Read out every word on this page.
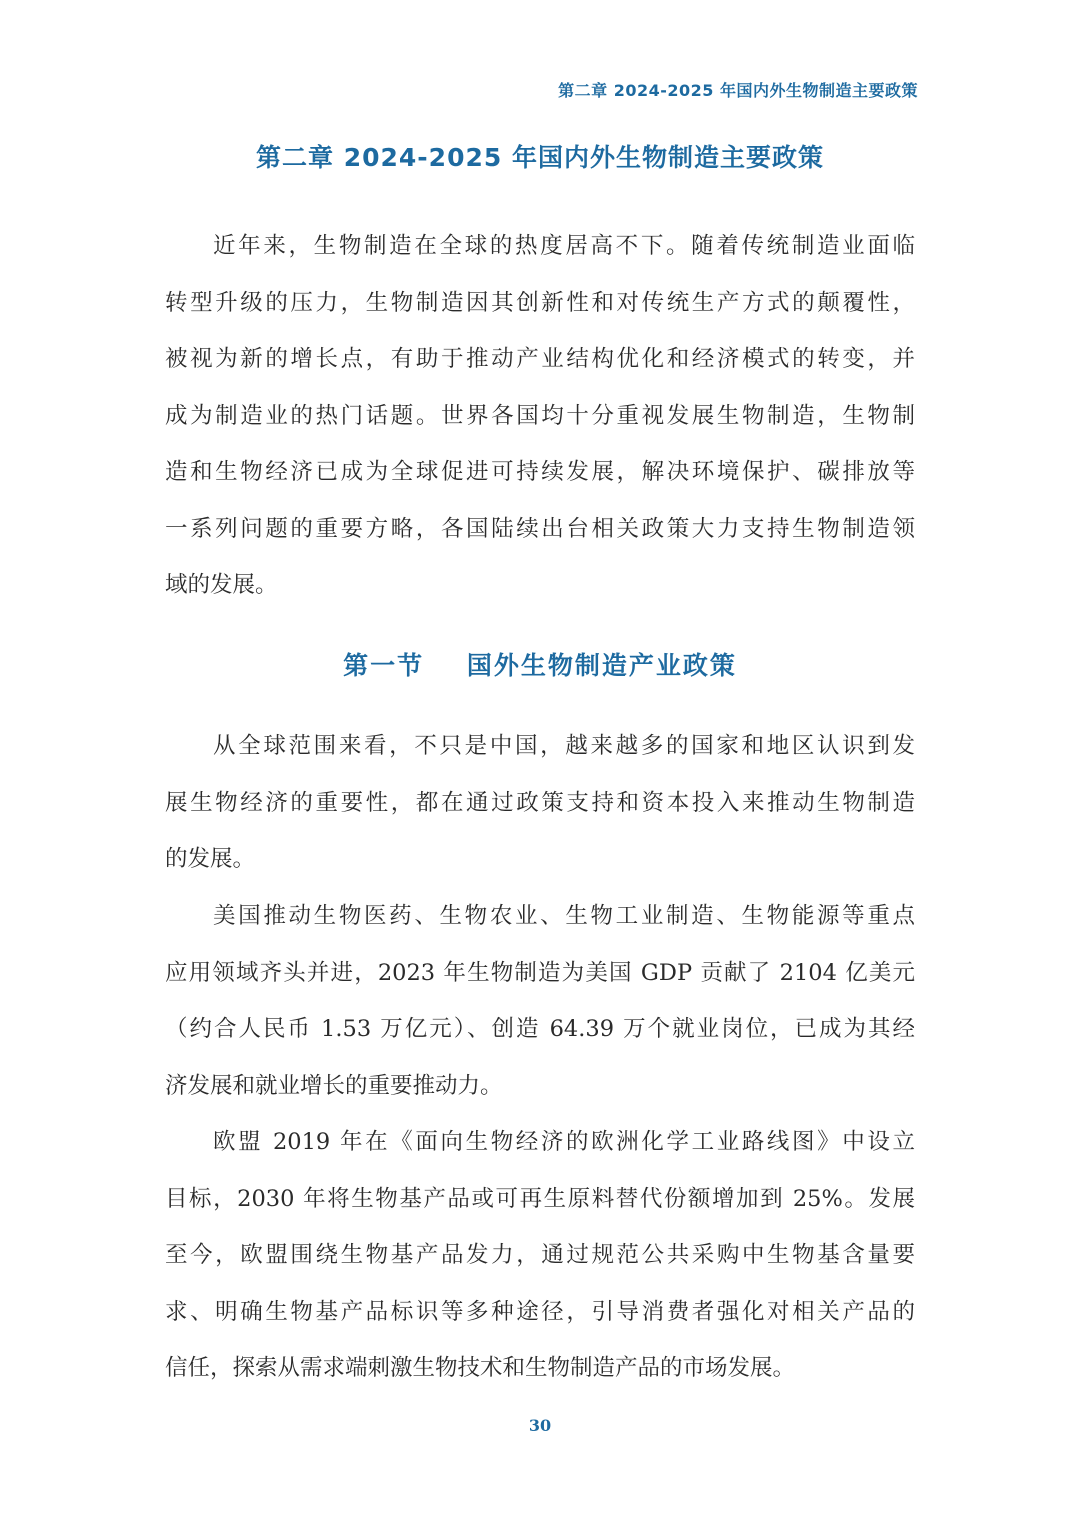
第二章 2024-2025 年国内外生物制造主要政策
第二章 2024-2025 年国内外生物制造主要政策
近年来，生物制造在全球的热度居高不下。随着传统制造业面临
转型升级的压力，生物制造因其创新性和对传统生产方式的颠覆性，
被视为新的增长点，有助于推动产业结构优化和经济模式的转变，并
成为制造业的热门话题。世界各国均十分重视发展生物制造，生物制
造和生物经济已成为全球促进可持续发展，解决环境保护、碳排放等
一系列问题的重要方略，各国陆续出台相关政策大力支持生物制造领
域的发展。
第一节    国外生物制造产业政策
从全球范围来看，不只是中国，越来越多的国家和地区认识到发
展生物经济的重要性，都在通过政策支持和资本投入来推动生物制造
的发展。
美国推动生物医药、生物农业、生物工业制造、生物能源等重点
应用领域齐头并进，2023 年生物制造为美国 GDP 贡献了 2104 亿美元
（约合人民币 1.53 万亿元）、创造 64.39 万个就业岗位，已成为其经
济发展和就业增长的重要推动力。
欧盟 2019 年在《面向生物经济的欧洲化学工业路线图》中设立
目标，2030 年将生物基产品或可再生原料替代份额增加到 25%。发展
至今，欧盟围绕生物基产品发力，通过规范公共采购中生物基含量要
求、明确生物基产品标识等多种途径，引导消费者强化对相关产品的
信任，探索从需求端刺激生物技术和生物制造产品的市场发展。
30
